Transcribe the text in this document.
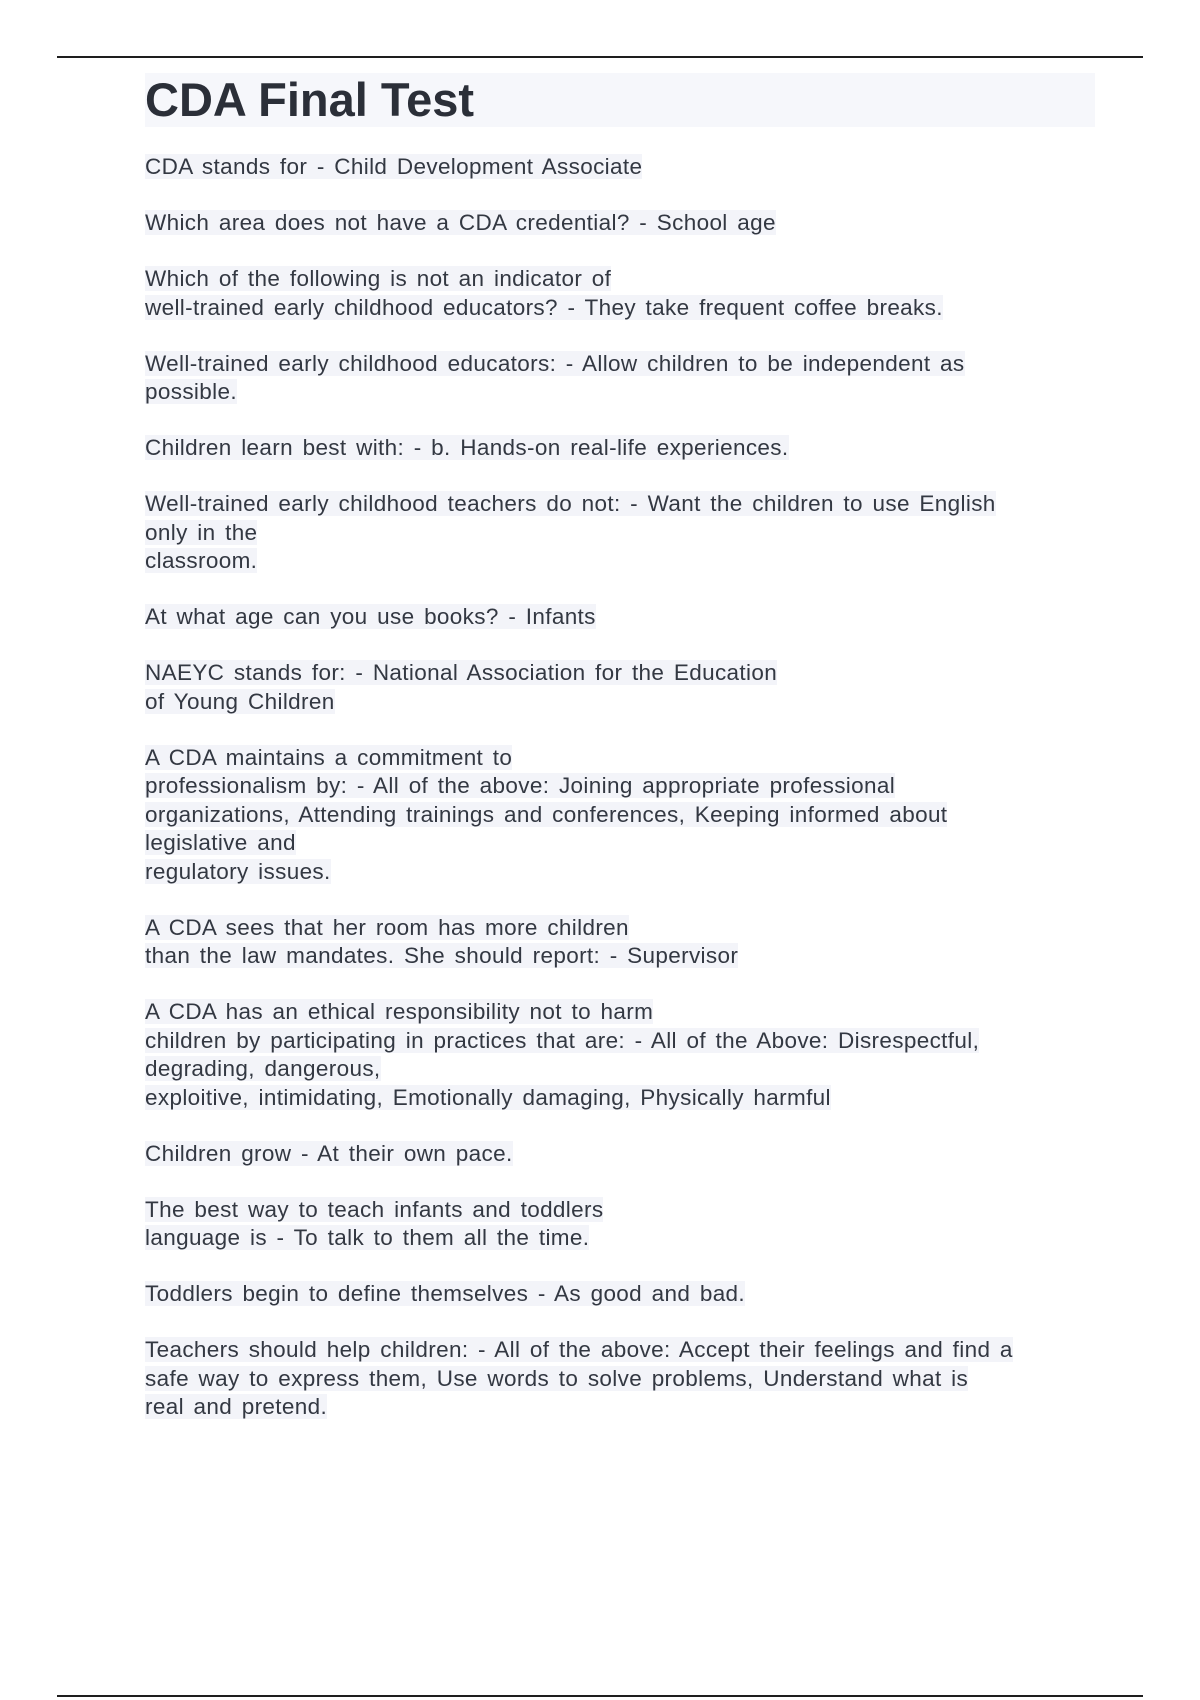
CDA Final Test
CDA stands for - Child Development Associate
Which area does not have a CDA credential? - School age
Which of the following is not an indicator of
well-trained early childhood educators? - They take frequent coffee breaks.
Well-trained early childhood educators: - Allow children to be independent as
possible.
Children learn best with: - b. Hands-on real-life experiences.
Well-trained early childhood teachers do not: - Want the children to use English
only in the
classroom.
At what age can you use books? - Infants
NAEYC stands for: - National Association for the Education
of Young Children
A CDA maintains a commitment to
professionalism by: - All of the above: Joining appropriate professional
organizations, Attending trainings and conferences, Keeping informed about
legislative and
regulatory issues.
A CDA sees that her room has more children
than the law mandates. She should report: - Supervisor
A CDA has an ethical responsibility not to harm
children by participating in practices that are: - All of the Above: Disrespectful,
degrading, dangerous,
exploitive, intimidating, Emotionally damaging, Physically harmful
Children grow - At their own pace.
The best way to teach infants and toddlers
language is - To talk to them all the time.
Toddlers begin to define themselves - As good and bad.
Teachers should help children: - All of the above: Accept their feelings and find a
safe way to express them, Use words to solve problems, Understand what is
real and pretend.
